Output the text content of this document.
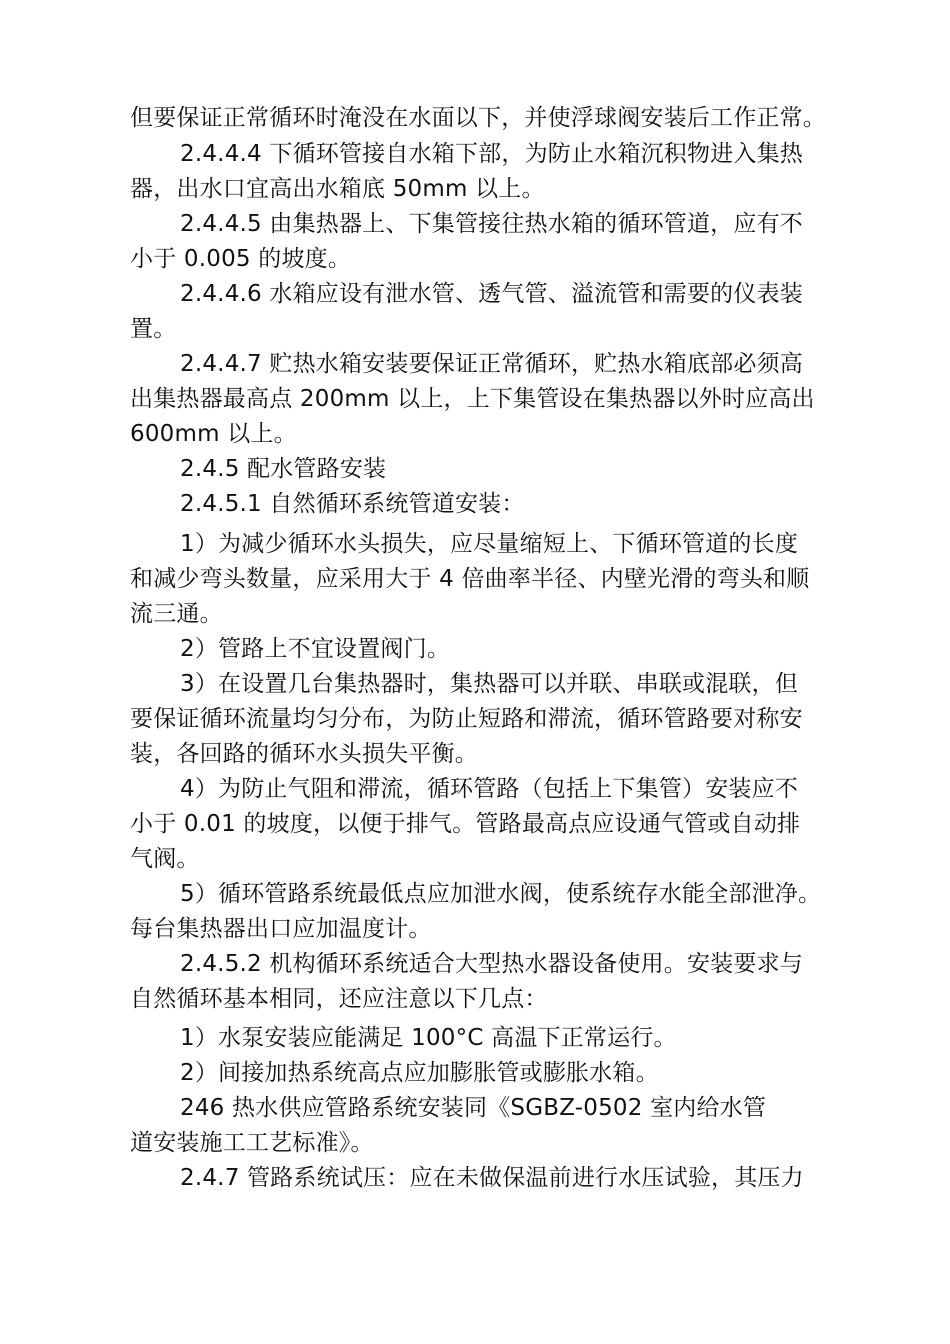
但要保证正常循环时淹没在水面以下，并使浮球阀安装后工作正常。
2.4.4.4 下循环管接自水箱下部，为防止水箱沉积物进入集热
器，出水口宜高出水箱底 50mm 以上。
2.4.4.5 由集热器上、下集管接往热水箱的循环管道，应有不
小于 0.005 的坡度。
2.4.4.6 水箱应设有泄水管、透气管、溢流管和需要的仪表装
置。
2.4.4.7 贮热水箱安装要保证正常循环，贮热水箱底部必须高
出集热器最高点 200mm 以上，上下集管设在集热器以外时应高出
600mm 以上。
2.4.5 配水管路安装
2.4.5.1 自然循环系统管道安装：
1）为减少循环水头损失，应尽量缩短上、下循环管道的长度
和减少弯头数量，应采用大于 4 倍曲率半径、内壁光滑的弯头和顺
流三通。
2）管路上不宜设置阀门。
3）在设置几台集热器时，集热器可以并联、串联或混联，但
要保证循环流量均匀分布，为防止短路和滞流，循环管路要对称安
装，各回路的循环水头损失平衡。
4）为防止气阻和滞流，循环管路（包括上下集管）安装应不
小于 0.01 的坡度，以便于排气。管路最高点应设通气管或自动排
气阀。
5）循环管路系统最低点应加泄水阀，使系统存水能全部泄净。
每台集热器出口应加温度计。
2.4.5.2 机构循环系统适合大型热水器设备使用。安装要求与
自然循环基本相同，还应注意以下几点：
1）水泵安装应能满足 100°C 高温下正常运行。
2）间接加热系统高点应加膨胀管或膨胀水箱。
246 热水供应管路系统安装同《SGBZ-0502 室内给水管
道安装施工工艺标准》。
2.4.7 管路系统试压：应在未做保温前进行水压试验，其压力
